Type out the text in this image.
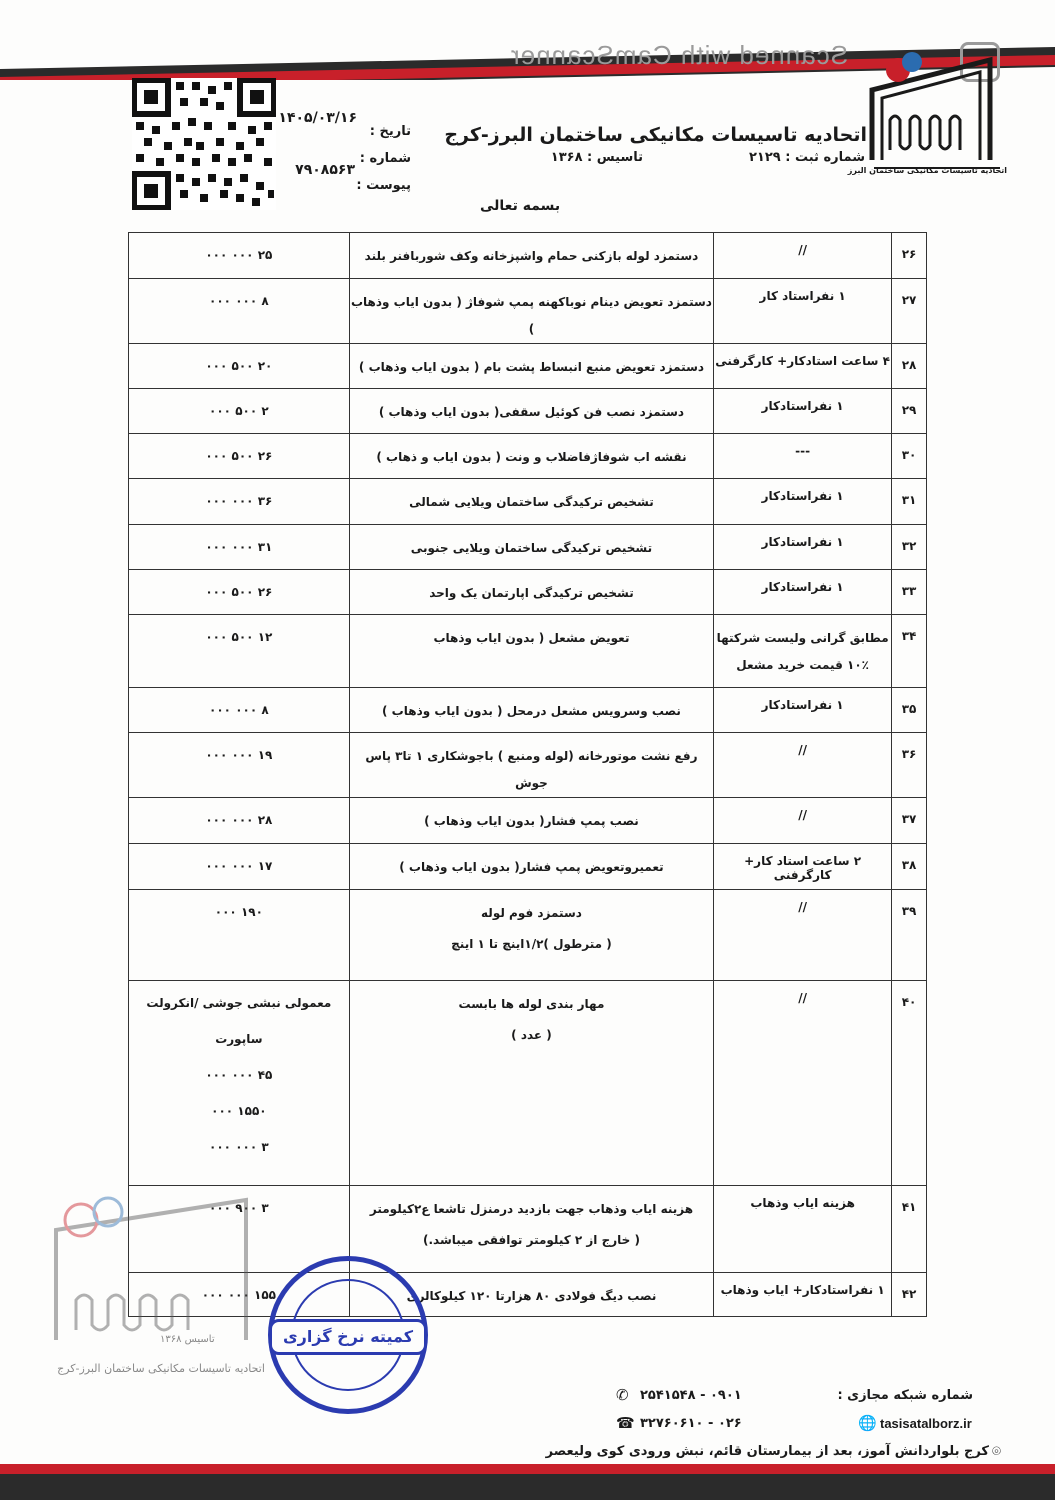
Scanned with CamScanner
اتحادیه تاسیسات مکانیکی ساختمان البرز-کرج
شماره ثبت : ۲۱۲۹
تاسیس : ۱۳۶۸
اتحادیه تاسیسات مکانیکی ساختمان البرز
تاریخ :
۱۴۰۵/۰۳/۱۶
شماره :
۷۹۰۸۵۶۳
پیوست :
بسمه تعالی
۲۶	//	دستمزد لوله بازکنی حمام واشپزخانه وکف شوربافنر بلند	۲۵ ۰۰۰ ۰۰۰

۲۷	۱ نفراستاد کار	دستمزد تعویض دینام نوباکهنه پمپ شوفاژ ( بدون ایاب وذهاب )	۸ ۰۰۰ ۰۰۰

۲۸	۴ ساعت استادکار+ کارگرفنی	دستمزد تعویض منبع انبساط پشت بام ( بدون ایاب وذهاب )	۲۰ ۵۰۰ ۰۰۰

۲۹	۱ نفراستادکار	دستمزد نصب فن کوئیل سقفی( بدون ایاب وذهاب )	۲ ۵۰۰ ۰۰۰

۳۰	---	نقشه اب شوفاژفاضلاب و ونت ( بدون ایاب و ذهاب )	۲۶ ۵۰۰ ۰۰۰

۳۱	۱ نفراستادکار	تشخیص ترکیدگی ساختمان ویلایی شمالی	۳۶ ۰۰۰ ۰۰۰

۳۲	۱ نفراستادکار	تشخیص ترکیدگی ساختمان ویلایی جنوبی	۳۱ ۰۰۰ ۰۰۰

۳۳	۱ نفراستادکار	تشخیص ترکیدگی اپارتمان یک واحد	۲۶ ۵۰۰ ۰۰۰

۳۴	مطابق گرانی ولیست شرکتها
۱۰٪ قیمت خرید مشعل	تعویض مشعل ( بدون ایاب وذهاب	۱۲ ۵۰۰ ۰۰۰

۳۵	۱ نفراستادکار	نصب وسرویس مشعل درمحل ( بدون ایاب وذهاب )	۸ ۰۰۰ ۰۰۰

۳۶	//	رفع نشت موتورخانه (لوله ومنبع ) باجوشکاری ۱ تا۳ پاس جوش	۱۹ ۰۰۰ ۰۰۰

۳۷	//	نصب پمپ فشار( بدون ایاب وذهاب )	۲۸ ۰۰۰ ۰۰۰

۳۸	۲ ساعت استاد کار+ کارگرفنی	تعمیروتعویض پمپ فشار( بدون ایاب وذهاب )	۱۷ ۰۰۰ ۰۰۰

۳۹	//	دستمزد فوم لوله
( مترطول )۱/۲اینچ تا ۱ اینچ	۱۹۰ ۰۰۰

۴۰	//	مهار بندی لوله ها بابست
( عدد )	معمولی نبشی جوشی /انکرولت
ساپورت
۴۵ ۰۰۰ ۰۰۰
۱۵۵۰ ۰۰۰
۳ ۰۰۰ ۰۰۰

۴۱	هزینه ایاب وذهاب	هزینه ایاب وذهاب جهت بازدید درمنزل تاشعا ع۲کیلومتر
( خارج از ۲ کیلومتر توافقی میباشد.)	۳ ۹۰۰ ۰۰۰

۴۲	۱ نفراستادکار+ ایاب وذهاب	نصب دیگ فولادی ۸۰ هزارتا ۱۲۰ کیلوکالری	۱۵۵ ۰۰۰ ۰۰۰
تاسیس ۱۳۶۸
اتحادیه تاسیسات مکانیکی ساختمان البرز-کرج
کمیته نرخ گزاری
شماره شبکه مجازی :
tasisatalborz.ir
🌐
۰۹۰۱ - ۲۵۴۱۵۴۸
✆
۰۲۶ - ۳۲۷۶۰۶۱۰
☎
کرج بلواردانش آموز، بعد از بیمارستان قائم، نبش ورودی کوی ولیعصر ⌾
